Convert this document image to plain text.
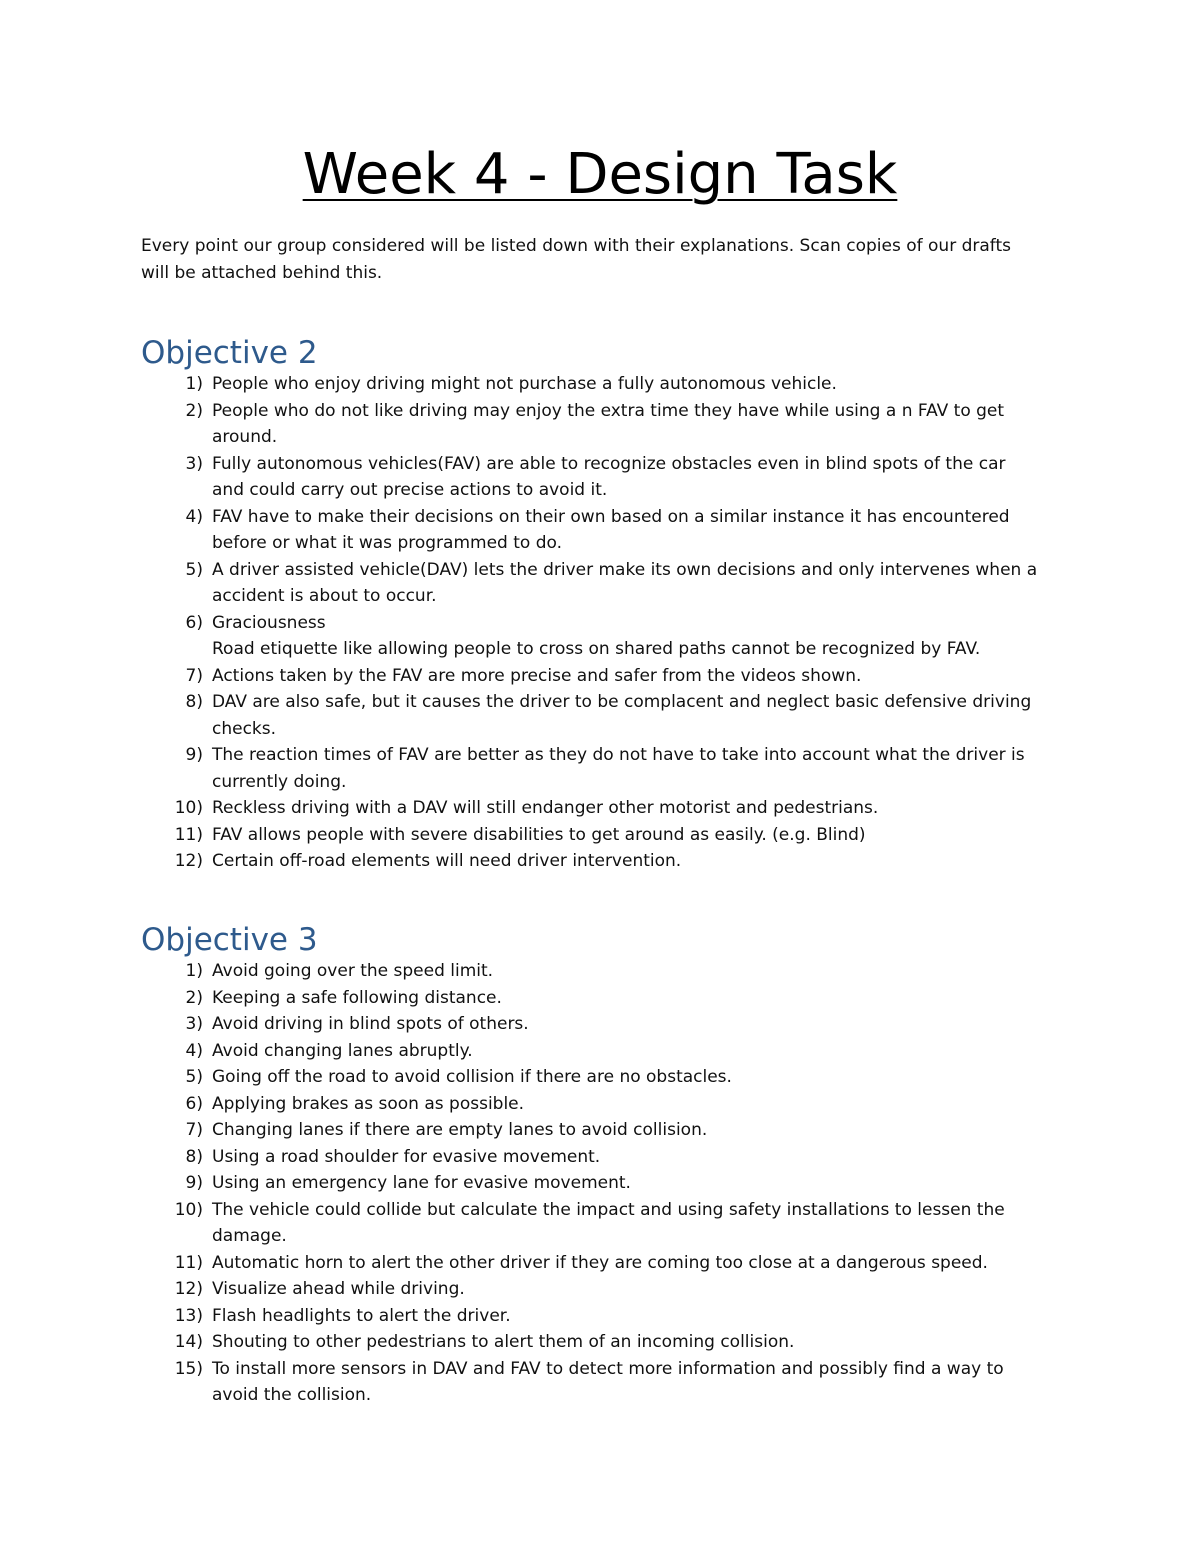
Week 4 - Design Task
Every point our group considered will be listed down with their explanations. Scan copies of our drafts
will be attached behind this.
Objective 2
1) People who enjoy driving might not purchase a fully autonomous vehicle.
2) People who do not like driving may enjoy the extra time they have while using a n FAV to get
around.
3) Fully autonomous vehicles(FAV) are able to recognize obstacles even in blind spots of the car
and could carry out precise actions to avoid it.
4) FAV have to make their decisions on their own based on a similar instance it has encountered
before or what it was programmed to do.
5) A driver assisted vehicle(DAV) lets the driver make its own decisions and only intervenes when a
accident is about to occur.
6) Graciousness
Road etiquette like allowing people to cross on shared paths cannot be recognized by FAV.
7) Actions taken by the FAV are more precise and safer from the videos shown.
8) DAV are also safe, but it causes the driver to be complacent and neglect basic defensive driving
checks.
9) The reaction times of FAV are better as they do not have to take into account what the driver is
currently doing.
10) Reckless driving with a DAV will still endanger other motorist and pedestrians.
11) FAV allows people with severe disabilities to get around as easily. (e.g. Blind)
12) Certain off-road elements will need driver intervention.
Objective 3
1) Avoid going over the speed limit.
2) Keeping a safe following distance.
3) Avoid driving in blind spots of others.
4) Avoid changing lanes abruptly.
5) Going off the road to avoid collision if there are no obstacles.
6) Applying brakes as soon as possible.
7) Changing lanes if there are empty lanes to avoid collision.
8) Using a road shoulder for evasive movement.
9) Using an emergency lane for evasive movement.
10) The vehicle could collide but calculate the impact and using safety installations to lessen the
damage.
11) Automatic horn to alert the other driver if they are coming too close at a dangerous speed.
12) Visualize ahead while driving.
13) Flash headlights to alert the driver.
14) Shouting to other pedestrians to alert them of an incoming collision.
15) To install more sensors in DAV and FAV to detect more information and possibly find a way to
avoid the collision.
